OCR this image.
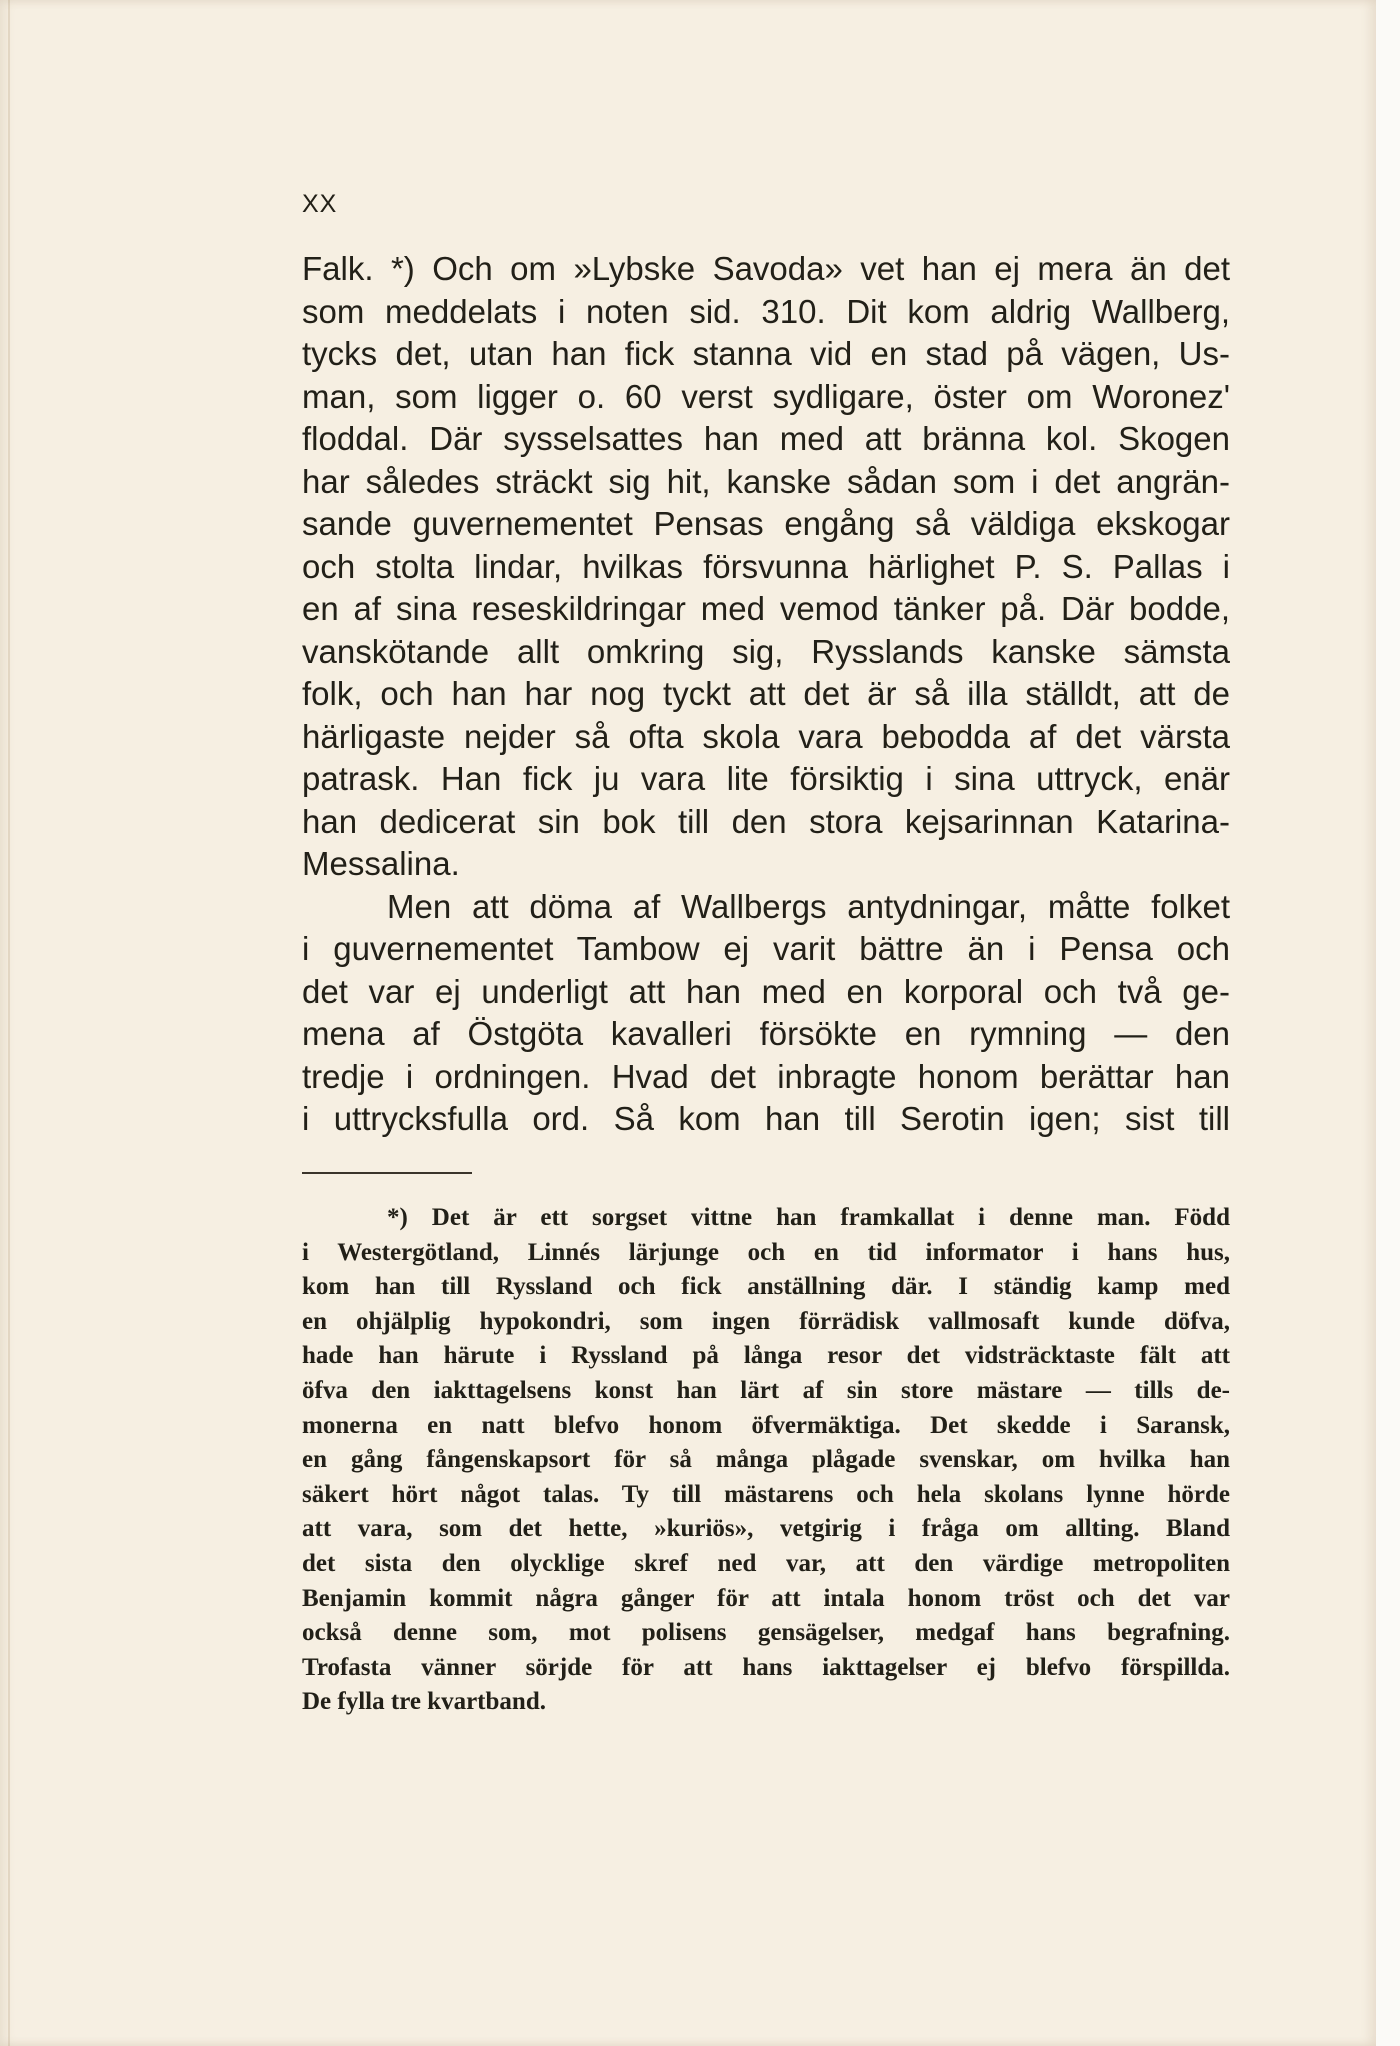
XX
Falk. *) Och om »Lybske Savoda» vet han ej mera än det
som meddelats i noten sid. 310. Dit kom aldrig Wallberg,
tycks det, utan han fick stanna vid en stad på vägen, Us-
man, som ligger o. 60 verst sydligare, öster om Woronez'
floddal. Där sysselsattes han med att bränna kol. Skogen
har således sträckt sig hit, kanske sådan som i det angrän-
sande guvernementet Pensas engång så väldiga ekskogar
och stolta lindar, hvilkas försvunna härlighet P. S. Pallas i
en af sina reseskildringar med vemod tänker på. Där bodde,
vanskötande allt omkring sig, Rysslands kanske sämsta
folk, och han har nog tyckt att det är så illa ställdt, att de
härligaste nejder så ofta skola vara bebodda af det värsta
patrask. Han fick ju vara lite försiktig i sina uttryck, enär
han dedicerat sin bok till den stora kejsarinnan Katarina-
Messalina.
Men att döma af Wallbergs antydningar, måtte folket
i guvernementet Tambow ej varit bättre än i Pensa och
det var ej underligt att han med en korporal och två ge-
mena af Östgöta kavalleri försökte en rymning — den
tredje i ordningen. Hvad det inbragte honom berättar han
i uttrycksfulla ord. Så kom han till Serotin igen; sist till
*) Det är ett sorgset vittne han framkallat i denne man. Född
i Westergötland, Linnés lärjunge och en tid informator i hans hus,
kom han till Ryssland och fick anställning där. I ständig kamp med
en ohjälplig hypokondri, som ingen förrädisk vallmosaft kunde döfva,
hade han härute i Ryssland på långa resor det vidsträcktaste fält att
öfva den iakttagelsens konst han lärt af sin store mästare — tills de-
monerna en natt blefvo honom öfvermäktiga. Det skedde i Saransk,
en gång fångenskapsort för så många plågade svenskar, om hvilka han
säkert hört något talas. Ty till mästarens och hela skolans lynne hörde
att vara, som det hette, »kuriös», vetgirig i fråga om allting. Bland
det sista den olycklige skref ned var, att den värdige metropoliten
Benjamin kommit några gånger för att intala honom tröst och det var
också denne som, mot polisens gensägelser, medgaf hans begrafning.
Trofasta vänner sörjde för att hans iakttagelser ej blefvo förspillda.
De fylla tre kvartband.
